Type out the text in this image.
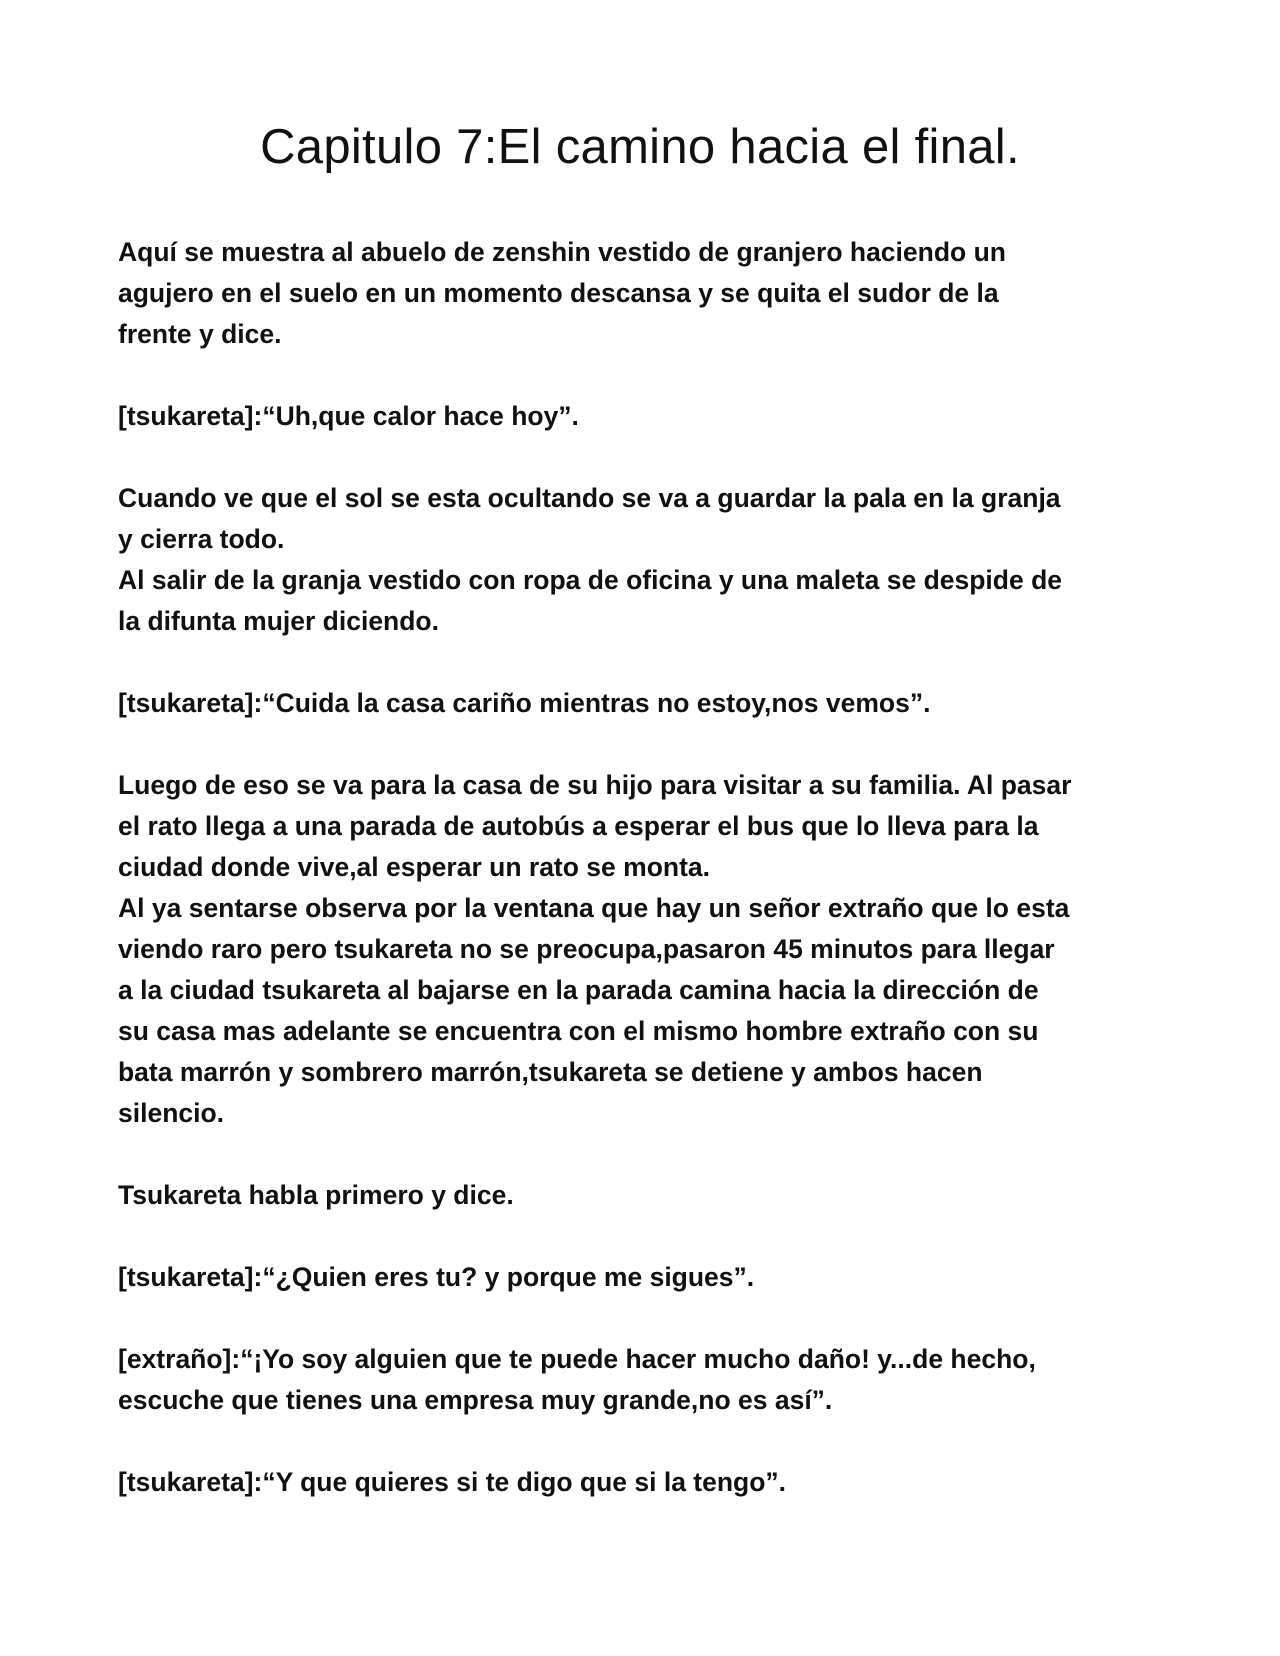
Capitulo 7:El camino hacia el final.

Aquí se muestra al abuelo de zenshin vestido de granjero haciendo un
agujero en el suelo en un momento descansa y se quita el sudor de la
frente y dice.

[tsukareta]:“Uh,que calor hace hoy”.

Cuando ve que el sol se esta ocultando se va a guardar la pala en la granja
y cierra todo.
Al salir de la granja vestido con ropa de oficina y una maleta se despide de
la difunta mujer diciendo.

[tsukareta]:“Cuida la casa cariño mientras no estoy,nos vemos”.

Luego de eso se va para la casa de su hijo para visitar a su familia. Al pasar
el rato llega a una parada de autobús a esperar el bus que lo lleva para la
ciudad donde vive,al esperar un rato se monta.
Al ya sentarse observa por la ventana que hay un señor extraño que lo esta
viendo raro pero tsukareta no se preocupa,pasaron 45 minutos para llegar
a la ciudad tsukareta al bajarse en la parada camina hacia la dirección de
su casa mas adelante se encuentra con el mismo hombre extraño con su
bata marrón y sombrero marrón,tsukareta se detiene y ambos hacen
silencio.

Tsukareta habla primero y dice.

[tsukareta]:“¿Quien eres tu? y porque me sigues”.

[extraño]:“¡Yo soy alguien que te puede hacer mucho daño! y...de hecho,
escuche que tienes una empresa muy grande,no es así”.

[tsukareta]:“Y que quieres si te digo que si la tengo”.
